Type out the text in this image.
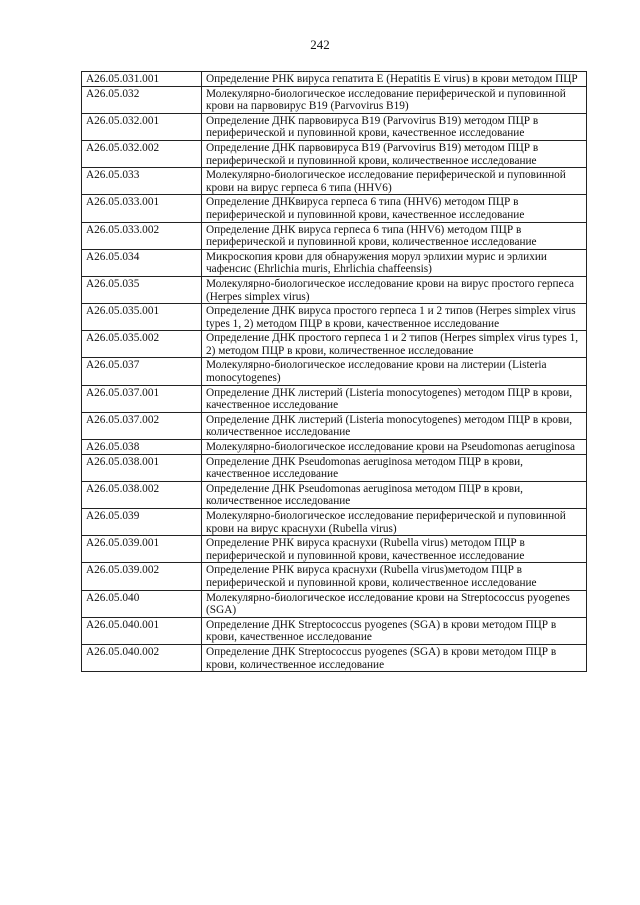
242
A26.05.031.001	Определение РНК вируса гепатита Е (Hepatitis E virus) в крови методом ПЦР
A26.05.032	Молекулярно-биологическое исследование периферической и пуповинной крови на парвовирус B19 (Parvovirus B19)
A26.05.032.001	Определение ДНК парвовируса B19 (Parvovirus B19) методом ПЦР в периферической и пуповинной крови, качественное исследование
A26.05.032.002	Определение ДНК парвовируса B19 (Parvovirus B19) методом ПЦР в периферической и пуповинной крови, количественное исследование
A26.05.033	Молекулярно-биологическое исследование периферической и пуповинной крови на вирус герпеса 6 типа (HHV6)
A26.05.033.001	Определение ДНКвируса герпеса 6 типа (HHV6) методом ПЦР в периферической и пуповинной крови, качественное исследование
A26.05.033.002	Определение ДНК вируса герпеса 6 типа (HHV6) методом ПЦР в периферической и пуповинной крови, количественное исследование
A26.05.034	Микроскопия крови для обнаружения морул эрлихии мурис и эрлихии чафенсис (Ehrlichia muris, Ehrlichia chaffeensis)
A26.05.035	Молекулярно-биологическое исследование крови на вирус простого герпеса (Herpes simplex virus)
A26.05.035.001	Определение ДНК вируса простого герпеса 1 и 2 типов (Herpes simplex virus types 1, 2) методом ПЦР в крови, качественное исследование
A26.05.035.002	Определение ДНК простого герпеса 1 и 2 типов (Herpes simplex virus types 1, 2) методом ПЦР в крови, количественное исследование
A26.05.037	Молекулярно-биологическое исследование крови на листерии (Listeria monocytogenes)
A26.05.037.001	Определение ДНК листерий (Listeria monocytogenes) методом ПЦР в крови, качественное исследование
A26.05.037.002	Определение ДНК листерий (Listeria monocytogenes) методом ПЦР в крови, количественное исследование
A26.05.038	Молекулярно-биологическое исследование крови на Pseudomonas aeruginosa
A26.05.038.001	Определение ДНК Pseudomonas aeruginosa методом ПЦР в крови, качественное исследование
A26.05.038.002	Определение ДНК Pseudomonas aeruginosa методом ПЦР в крови, количественное исследование
A26.05.039	Молекулярно-биологическое исследование периферической и пуповинной крови на вирус краснухи (Rubella virus)
A26.05.039.001	Определение РНК вируса краснухи (Rubella virus) методом ПЦР в периферической и пуповинной крови, качественное исследование
A26.05.039.002	Определение РНК вируса краснухи (Rubella virus)методом ПЦР в периферической и пуповинной крови, количественное исследование
A26.05.040	Молекулярно-биологическое исследование крови на Streptococcus pyogenes (SGA)
A26.05.040.001	Определение ДНК Streptococcus pyogenes (SGA) в крови методом ПЦР в крови, качественное исследование
A26.05.040.002	Определение ДНК Streptococcus pyogenes (SGA) в крови методом ПЦР в крови, количественное исследование
